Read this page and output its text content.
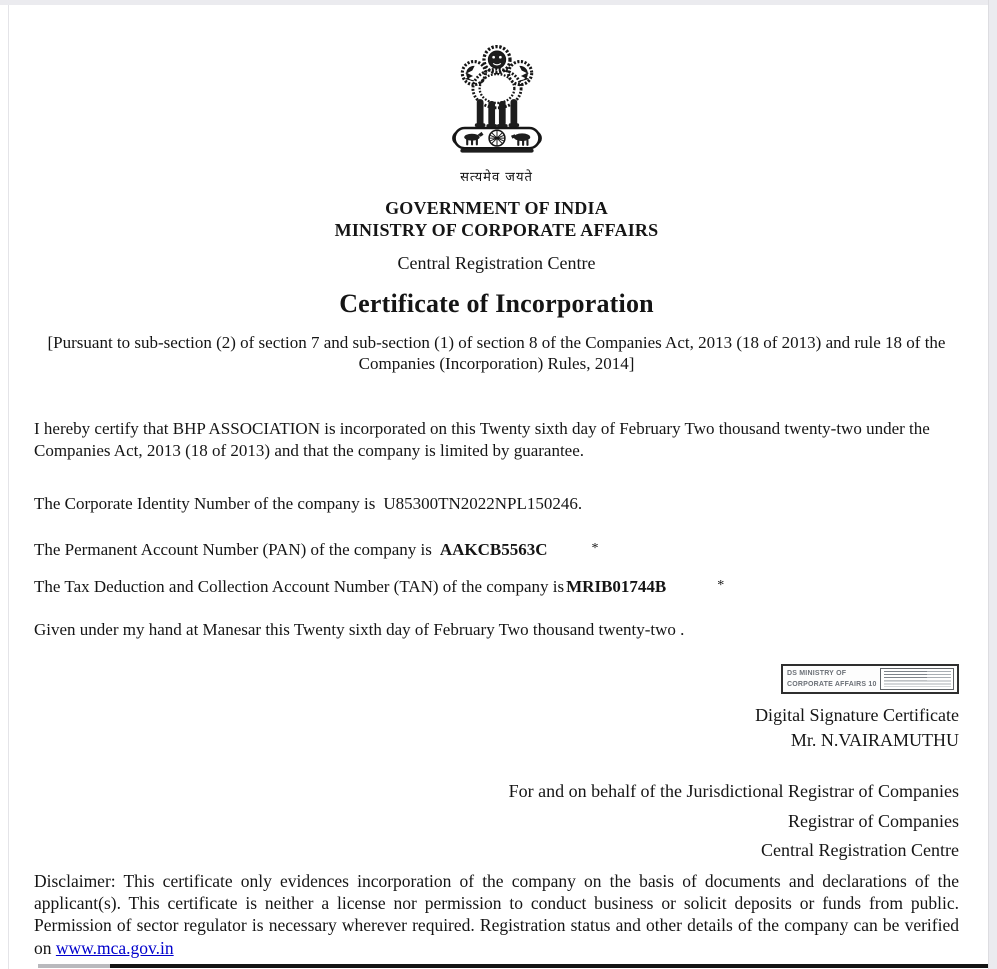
सत्यमेव जयते
GOVERNMENT OF INDIA
MINISTRY OF CORPORATE AFFAIRS
Central Registration Centre
Certificate of Incorporation
[Pursuant to sub-section (2) of section 7 and sub-section (1) of section 8 of the Companies Act, 2013 (18 of 2013) and rule 18 of the Companies (Incorporation) Rules, 2014]

I hereby certify that BHP ASSOCIATION is incorporated on this Twenty sixth day of February Two thousand twenty-two under the Companies Act, 2013 (18 of 2013) and that the company is limited by guarantee.

The Corporate Identity Number of the company is U85300TN2022NPL150246.
The Permanent Account Number (PAN) of the company is AAKCB5563C	*
The Tax Deduction and Collection Account Number (TAN) of the company is MRIB01744B	*
Given under my hand at Manesar this Twenty sixth day of February Two thousand twenty-two .
DS MINISTRY OF
CORPORATE AFFAIRS 10
Digital Signature Certificate
Mr. N.VAIRAMUTHU
For and on behalf of the Jurisdictional Registrar of Companies
Registrar of Companies
Central Registration Centre

Disclaimer: This certificate only evidences incorporation of the company on the basis of documents and declarations of the applicant(s). This certificate is neither a license nor permission to conduct business or solicit deposits or funds from public. Permission of sector regulator is necessary wherever required. Registration status and other details of the company can be verified on www.mca.gov.in
